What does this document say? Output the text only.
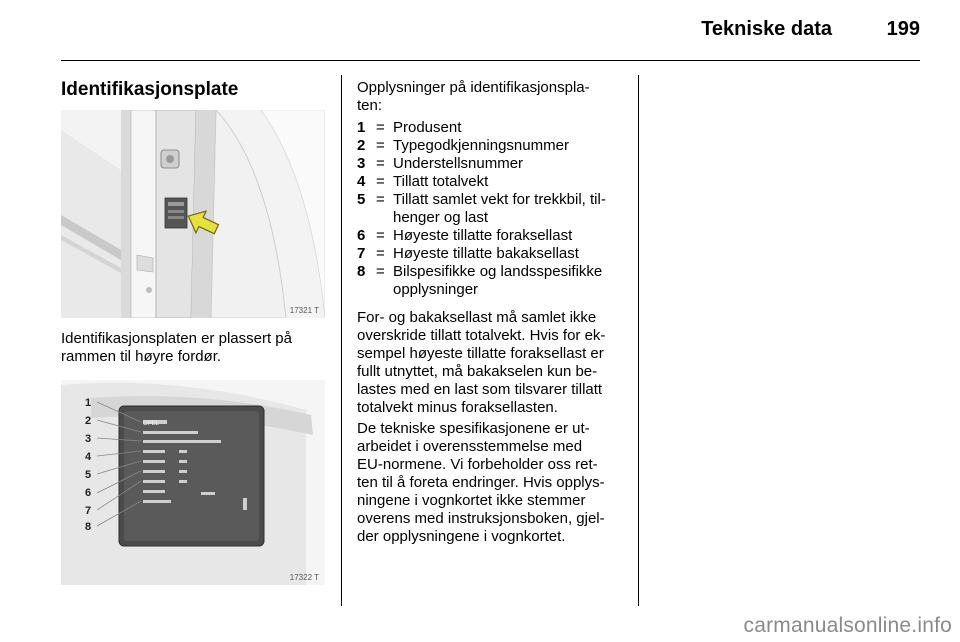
Tekniske data	199
Identifikasjonsplate
17321 T
Identifikasjonsplaten er plassert på
rammen til høyre fordør.
1
2
3
4
5
6
7
8
OPEL
17322 T
Opplysninger på identifikasjonspla-
ten:
1 = Produsent
2 = Typegodkjenningsnummer
3 = Understellsnummer
4 = Tillatt totalvekt
5 = Tillatt samlet vekt for trekkbil, til-
henger og last
6 = Høyeste tillatte foraksellast
7 = Høyeste tillatte bakaksellast
8 = Bilspesifikke og landsspesifikke
opplysninger
For- og bakaksellast må samlet ikke
overskride tillatt totalvekt. Hvis for ek-
sempel høyeste tillatte foraksellast er
fullt utnyttet, må bakakselen kun be-
lastes med en last som tilsvarer tillatt
totalvekt minus foraksellasten.
De tekniske spesifikasjonene er ut-
arbeidet i overensstemmelse med
EU-normene. Vi forbeholder oss ret-
ten til å foreta endringer. Hvis opplys-
ningene i vognkortet ikke stemmer
overens med instruksjonsboken, gjel-
der opplysningene i vognkortet.
carmanualsonline.info
